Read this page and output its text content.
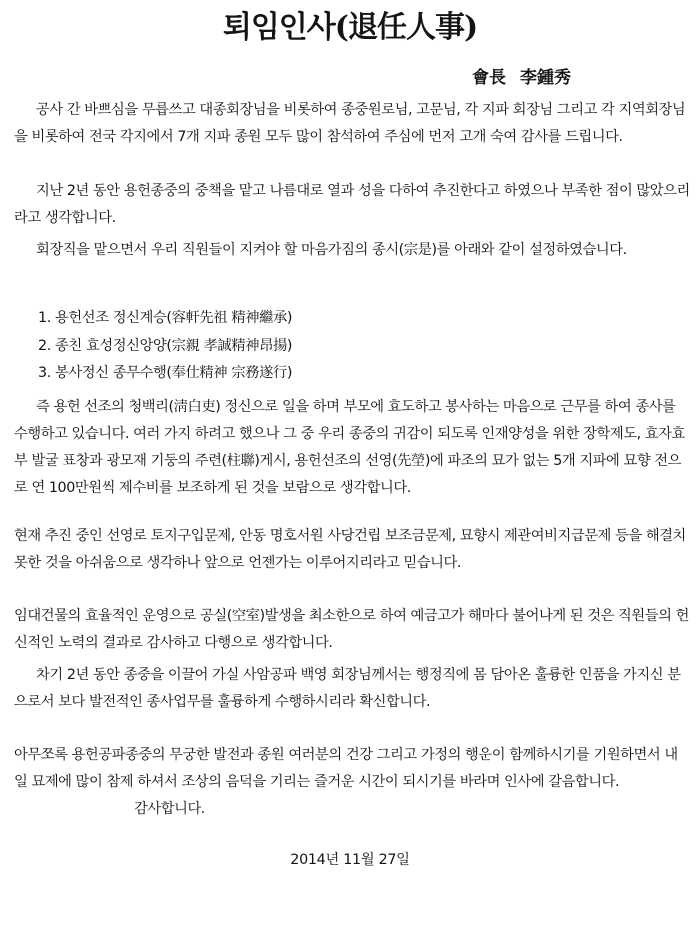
퇴임인사(退任人事)
會長 李鍾秀

공사 간 바쁘심을 무릅쓰고 대종회장님을 비롯하여 종중원로님, 고문님, 각 지파 회장님 그리고 각 지역회장님을 비롯하여 전국 각지에서 7개 지파 종원 모두 많이 참석하여 주심에 먼저 고개 숙여 감사를 드립니다.

지난 2년 동안 용헌종중의 중책을 맡고 나름대로 열과 성을 다하여 추진한다고 하였으나 부족한 점이 많았으리라고 생각합니다.

회장직을 맡으면서 우리 직원들이 지켜야 할 마음가짐의 종시(宗是)를 아래와 같이 설정하였습니다.

1. 용헌선조 정신계승(容軒先祖 精神繼承)
2. 종친 효성정신앙양(宗親 孝誠精神昂揚)
3. 봉사정신 종무수행(奉仕精神 宗務遂行)

즉 용헌 선조의 청백리(淸白吏) 정신으로 일을 하며 부모에 효도하고 봉사하는 마음으로 근무를 하여 종사를 수행하고 있습니다. 여러 가지 하려고 했으나 그 중 우리 종중의 귀감이 되도록 인재양성을 위한 장학제도, 효자효부 발굴 표창과 광모재 기둥의 주련(柱聯)게시, 용헌선조의 선영(先塋)에 파조의 묘가 없는 5개 지파에 묘향 전으로 연 100만원씩 제수비를 보조하게 된 것을 보람으로 생각합니다.

현재 추진 중인 선영로 토지구입문제, 안동 명호서원 사당건립 보조금문제, 묘향시 제관여비지급문제 등을 해결치 못한 것을 아쉬움으로 생각하나 앞으로 언젠가는 이루어지리라고 믿습니다.

임대건물의 효율적인 운영으로 공실(空室)발생을 최소한으로 하여 예금고가 해마다 불어나게 된 것은 직원들의 헌신적인 노력의 결과로 감사하고 다행으로 생각합니다.

차기 2년 동안 종중을 이끌어 가실 사암공파 백영 회장님께서는 행정직에 몸 담아온 훌륭한 인품을 가지신 분으로서 보다 발전적인 종사업무를 훌륭하게 수행하시리라 확신합니다.

아무쪼록 용헌공파종중의 무궁한 발전과 종원 여러분의 건강 그리고 가정의 행운이 함께하시기를 기원하면서 내일 묘제에 많이 참제 하셔서 조상의 음덕을 기리는 즐거운 시간이 되시기를 바라며 인사에 갈음합니다.감사합니다.

2014년 11월 27일
